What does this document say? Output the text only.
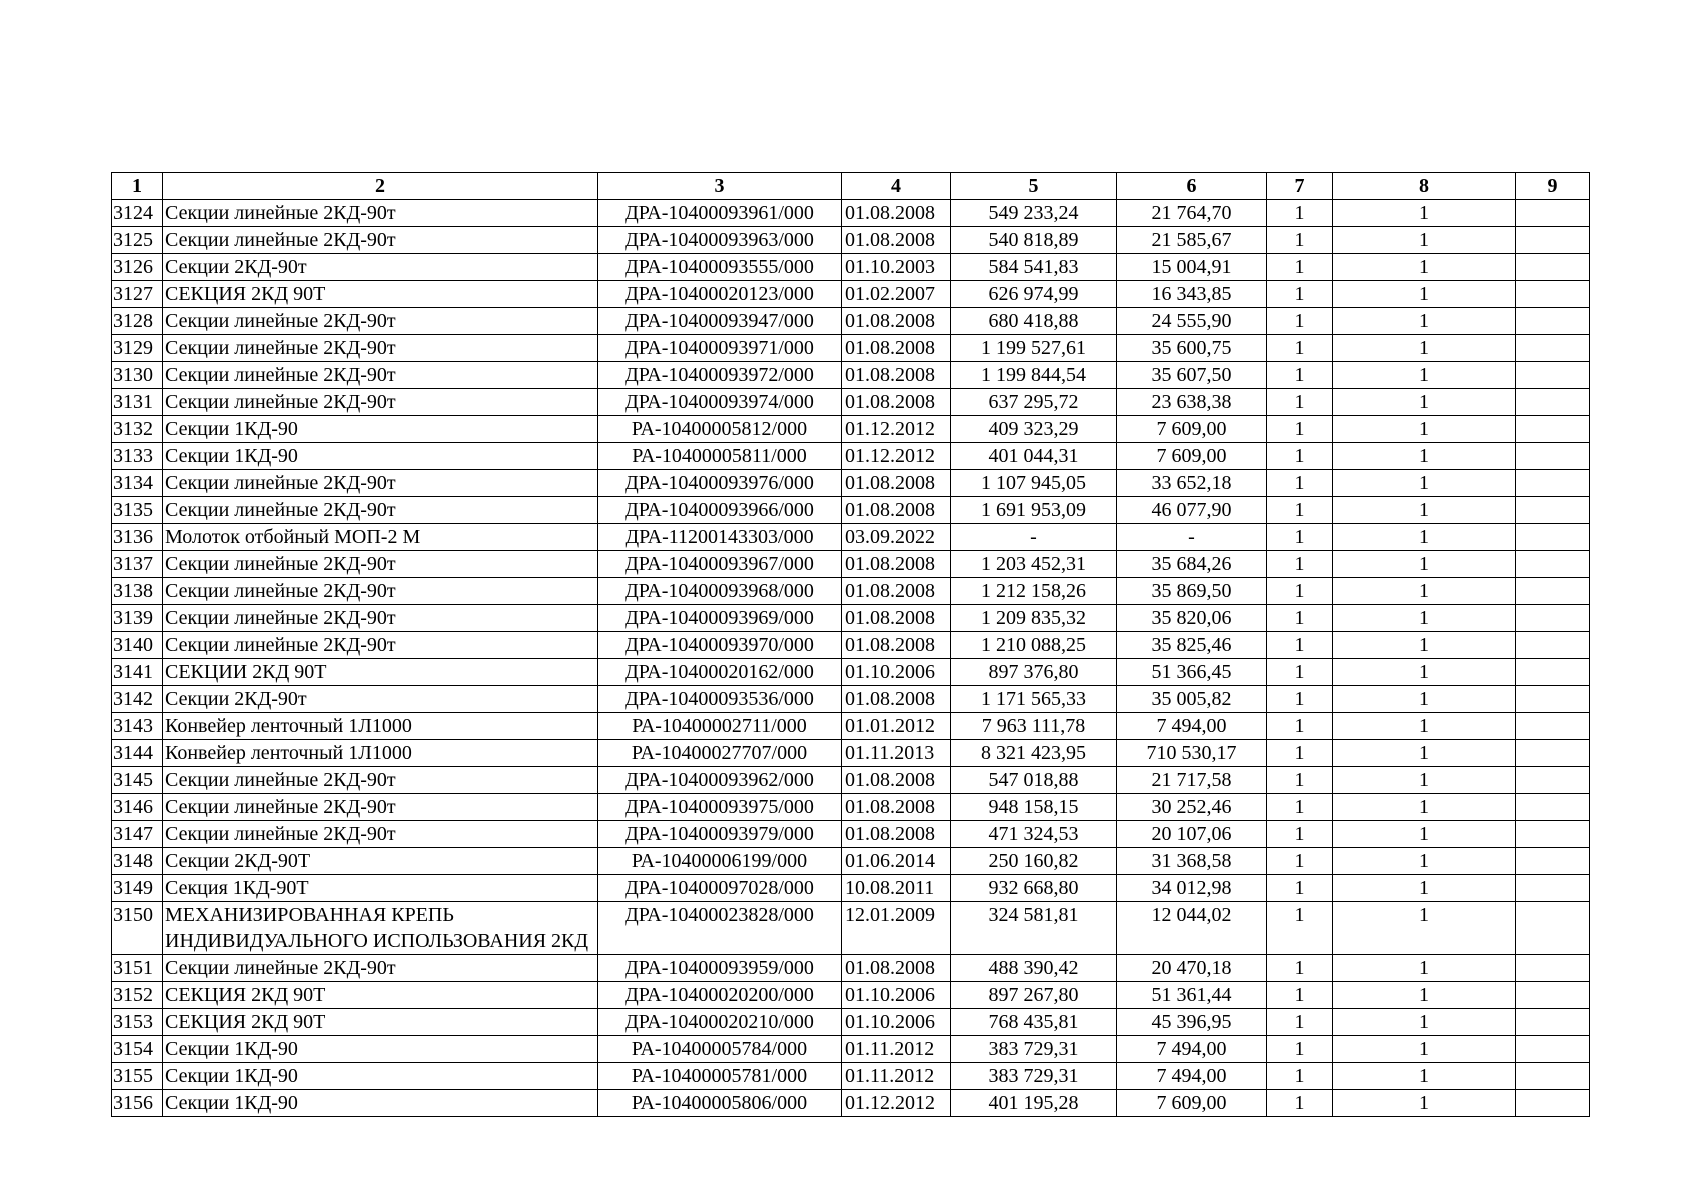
1	2	3	4	5	6	7	8	9
3124	Секции линейные 2КД-90т	ДРА-10400093961/000	01.08.2008	549 233,24	21 764,70	1	1	
3125	Секции линейные 2КД-90т	ДРА-10400093963/000	01.08.2008	540 818,89	21 585,67	1	1	
3126	Секции 2КД-90т	ДРА-10400093555/000	01.10.2003	584 541,83	15 004,91	1	1	
3127	СЕКЦИЯ 2КД 90Т	ДРА-10400020123/000	01.02.2007	626 974,99	16 343,85	1	1	
3128	Секции линейные 2КД-90т	ДРА-10400093947/000	01.08.2008	680 418,88	24 555,90	1	1	
3129	Секции линейные 2КД-90т	ДРА-10400093971/000	01.08.2008	1 199 527,61	35 600,75	1	1	
3130	Секции линейные 2КД-90т	ДРА-10400093972/000	01.08.2008	1 199 844,54	35 607,50	1	1	
3131	Секции линейные 2КД-90т	ДРА-10400093974/000	01.08.2008	637 295,72	23 638,38	1	1	
3132	Секции 1КД-90	РА-10400005812/000	01.12.2012	409 323,29	7 609,00	1	1	
3133	Секции 1КД-90	РА-10400005811/000	01.12.2012	401 044,31	7 609,00	1	1	
3134	Секции линейные 2КД-90т	ДРА-10400093976/000	01.08.2008	1 107 945,05	33 652,18	1	1	
3135	Секции линейные 2КД-90т	ДРА-10400093966/000	01.08.2008	1 691 953,09	46 077,90	1	1	
3136	Молоток отбойный МОП-2 М	ДРА-11200143303/000	03.09.2022	-	-	1	1	
3137	Секции линейные 2КД-90т	ДРА-10400093967/000	01.08.2008	1 203 452,31	35 684,26	1	1	
3138	Секции линейные 2КД-90т	ДРА-10400093968/000	01.08.2008	1 212 158,26	35 869,50	1	1	
3139	Секции линейные 2КД-90т	ДРА-10400093969/000	01.08.2008	1 209 835,32	35 820,06	1	1	
3140	Секции линейные 2КД-90т	ДРА-10400093970/000	01.08.2008	1 210 088,25	35 825,46	1	1	
3141	СЕКЦИИ 2КД 90Т	ДРА-10400020162/000	01.10.2006	897 376,80	51 366,45	1	1	
3142	Секции 2КД-90т	ДРА-10400093536/000	01.08.2008	1 171 565,33	35 005,82	1	1	
3143	Конвейер ленточный 1Л1000	РА-10400002711/000	01.01.2012	7 963 111,78	7 494,00	1	1	
3144	Конвейер ленточный 1Л1000	РА-10400027707/000	01.11.2013	8 321 423,95	710 530,17	1	1	
3145	Секции линейные 2КД-90т	ДРА-10400093962/000	01.08.2008	547 018,88	21 717,58	1	1	
3146	Секции линейные 2КД-90т	ДРА-10400093975/000	01.08.2008	948 158,15	30 252,46	1	1	
3147	Секции линейные 2КД-90т	ДРА-10400093979/000	01.08.2008	471 324,53	20 107,06	1	1	
3148	Секции 2КД-90Т	РА-10400006199/000	01.06.2014	250 160,82	31 368,58	1	1	
3149	Секция 1КД-90Т	ДРА-10400097028/000	10.08.2011	932 668,80	34 012,98	1	1	
3150	МЕХАНИЗИРОВАННАЯ КРЕПЬ ИНДИВИДУАЛЬНОГО ИСПОЛЬЗОВАНИЯ 2КД	ДРА-10400023828/000	12.01.2009	324 581,81	12 044,02	1	1	
3151	Секции линейные 2КД-90т	ДРА-10400093959/000	01.08.2008	488 390,42	20 470,18	1	1	
3152	СЕКЦИЯ 2КД 90Т	ДРА-10400020200/000	01.10.2006	897 267,80	51 361,44	1	1	
3153	СЕКЦИЯ 2КД 90Т	ДРА-10400020210/000	01.10.2006	768 435,81	45 396,95	1	1	
3154	Секции 1КД-90	РА-10400005784/000	01.11.2012	383 729,31	7 494,00	1	1	
3155	Секции 1КД-90	РА-10400005781/000	01.11.2012	383 729,31	7 494,00	1	1	
3156	Секции 1КД-90	РА-10400005806/000	01.12.2012	401 195,28	7 609,00	1	1	
